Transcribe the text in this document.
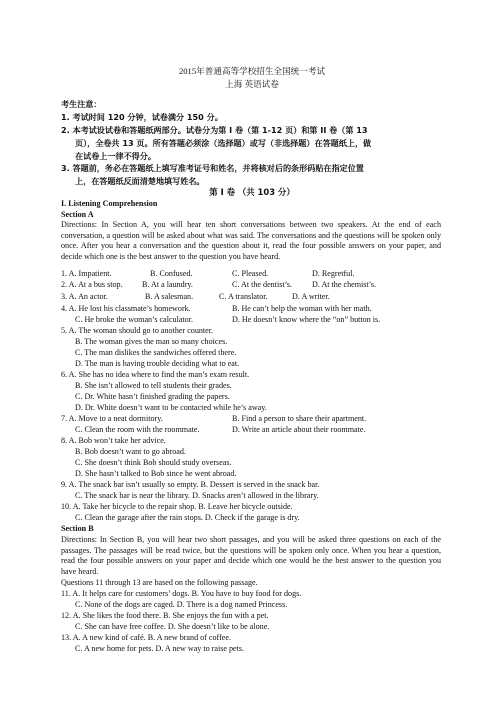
2015年普通高等学校招生全国统一考试
上海 英语试卷
考生注意：
1. 考试时间 120 分钟，试卷满分 150 分。
2. 本考试设试卷和答题纸两部分。试卷分为第 I 卷（第 1-12 页）和第 II 卷（第 13
页），全卷共 13 页。所有答题必须涂（选择题）或写（非选择题）在答题纸上，做
在试卷上一律不得分。
3. 答题前，务必在答题纸上填写准考证号和姓名，并将核对后的条形码贴在指定位置
上，在答题纸反面清楚地填写姓名。
第 I 卷 （共 103 分）
I. Listening Comprehension
Section A
Directions: In Section A, you will hear ten short conversations between two speakers. At the end of each conversation, a question will be asked about what was said. The conversations and the questions will be spoken only once. After you hear a conversation and the question about it, read the four possible answers on your paper, and decide which one is the best answer to the question you have heard.
1. A. Impatient.	B. Confused.	C. Pleased.	D. Regretful.
2. A. At a bus stop. B. At a laundry.	C. At the dentist’s. D. At the chemist’s.
3. A. An actor.	B. A salesman.	C. A translator.	D. A writer.
4. A. He lost his classmate’s homework.	B. He can’t help the woman with her math.
C. He broke the woman’s calculator.	D. He doesn’t know where the “on” button is.
5. A. The woman should go to another counter.
B. The woman gives the man so many choices.
C. The man dislikes the sandwiches offered there.
D. The man is having trouble deciding what to eat.
6. A. She has no idea where to find the man’s exam result.
B. She isn’t allowed to tell students their grades.
C. Dr. White hasn’t finished grading the papers.
D. Dr. White doesn’t want to be contacted while he’s away.
7. A. Move to a neat dormitory.	B. Find a person to share their apartment.
C. Clean the room with the roommate.	D. Write an article about their roommate.
8. A. Bob won’t take her advice.
B. Bob doesn’t want to go abroad.
C. She doesn’t think Bob should study overseas.
D. She hasn’t talked to Bob since he went abroad.
9. A. The snack bar isn’t usually so empty. B. Dessert is served in the snack bar.
C. The snack bar is near the library. D. Snacks aren’t allowed in the library.
10. A. Take her bicycle to the repair shop. B. Leave her bicycle outside.
C. Clean the garage after the rain stops. D. Check if the garage is dry.
Section B
Directions: In Section B, you will hear two short passages, and you will be asked three questions on each of the passages. The passages will be read twice, but the questions will be spoken only once. When you hear a question, read the four possible answers on your paper and decide which one would be the best answer to the question you have heard.
Questions 11 through 13 are based on the following passage.
11. A. It helps care for customers’ dogs. B. You have to buy food for dogs.
C. None of the dogs are caged. D. There is a dog named Princess.
12. A. She likes the food there. B. She enjoys the fun with a pet.
C. She can have free coffee. D. She doesn’t like to be alone.
13. A. A new kind of café. B. A new brand of coffee.
C. A new home for pets. D. A new way to raise pets.
